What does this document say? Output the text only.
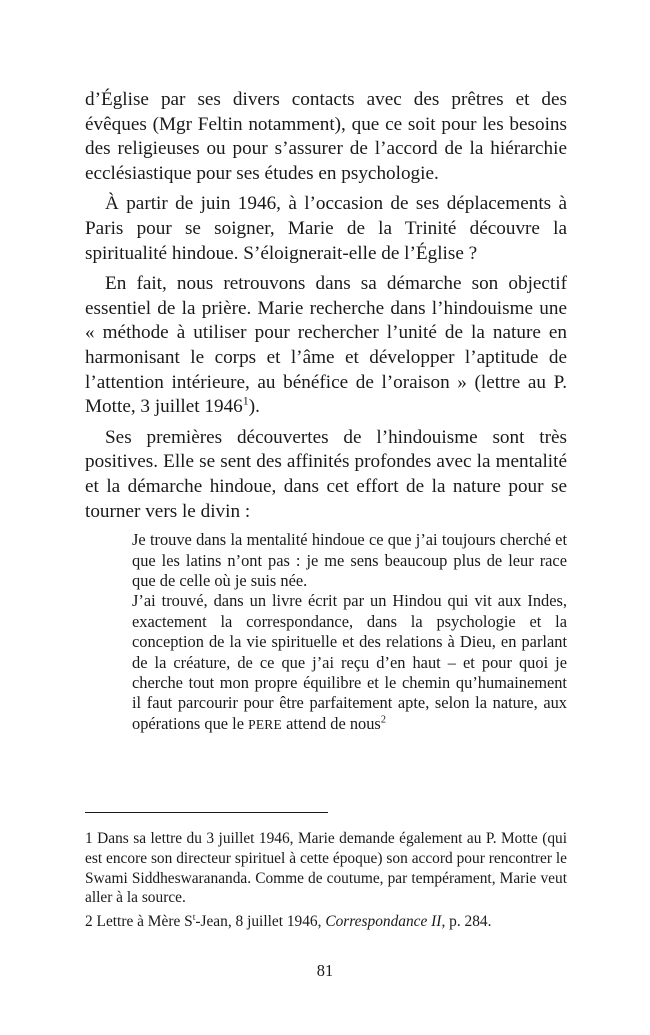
d’Église par ses divers contacts avec des prêtres et des évêques (Mgr Feltin notamment), que ce soit pour les besoins des religieuses ou pour s’assurer de l’accord de la hiérarchie ecclésiastique pour ses études en psychologie.

À partir de juin 1946, à l’occasion de ses déplacements à Paris pour se soigner, Marie de la Trinité découvre la spiritualité hindoue. S’éloignerait-elle de l’Église ?

En fait, nous retrouvons dans sa démarche son objectif essentiel de la prière. Marie recherche dans l’hindouisme une « méthode à utiliser pour rechercher l’unité de la nature en harmonisant le corps et l’âme et développer l’aptitude de l’attention intérieure, au bénéfice de l’oraison » (lettre au P. Motte, 3 juillet 1946$^1$).

Ses premières découvertes de l’hindouisme sont très positives. Elle se sent des affinités profondes avec la mentalité et la démarche hindoue, dans cet effort de la nature pour se tourner vers le divin :

Je trouve dans la mentalité hindoue ce que j’ai toujours cherché et que les latins n’ont pas : je me sens beaucoup plus de leur race que de celle où je suis née.

J’ai trouvé, dans un livre écrit par un Hindou qui vit aux Indes, exactement la correspondance, dans la psychologie et la conception de la vie spirituelle et des relations à Dieu, en parlant de la créature, de ce que j’ai reçu d’en haut – et pour quoi je cherche tout mon propre équilibre et le chemin qu’humainement il faut parcourir pour être parfaitement apte, selon la nature, aux opérations que le PERE attend de nous$^2$

1 Dans sa lettre du 3 juillet 1946, Marie demande également au P. Motte (qui est encore son directeur spirituel à cette époque) son accord pour rencontrer le Swami Siddheswarananda. Comme de coutume, par tempérament, Marie veut aller à la source.

2 Lettre à Mère $S^t$-Jean, 8 juillet 1946, Correspondance II, p. 284.

81
